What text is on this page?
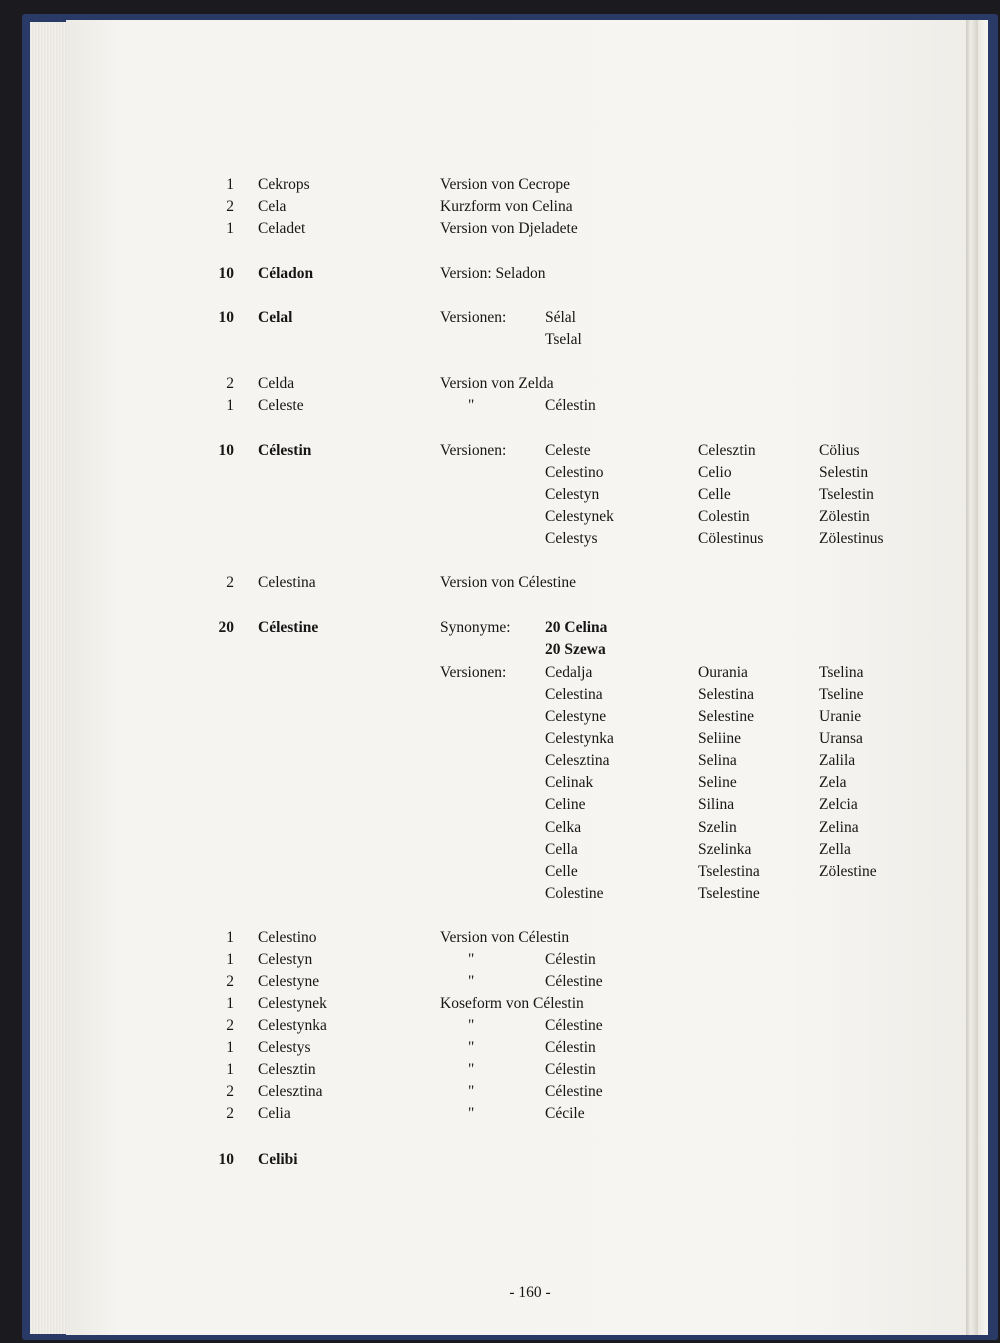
1 Cekrops	Version von Cecrope
2 Cela	Kurzform von Celina
1 Celadet	Version von Djeladete
10 Céladon	Version: Seladon
10 Celal	Versionen: Sélal
Tselal
2 Celda	Version von Zelda
1 Celeste	"	Célestin
10 Célestin	Versionen: Celeste	Celesztin	Cölius
Celestino	Celio	Selestin
Celestyn	Celle	Tselestin
Celestynek	Colestin	Zölestin
Celestys	Cölestinus	Zölestinus
2 Celestina	Version von Célestine
20 Célestine	Synonyme: 20 Celina
20 Szewa
Versionen: Cedalja	Ourania	Tselina
Celestina	Selestina	Tseline
Celestyne	Selestine	Uranie
Celestynka	Seliine	Uransa
Celesztina	Selina	Zalila
Celinak	Seline	Zela
Celine	Silina	Zelcia
Celka	Szelin	Zelina
Cella	Szelinka	Zella
Celle	Tselestina	Zölestine
Colestine	Tselestine
1 Celestino	Version von Célestin
1 Celestyn	"	Célestin
2 Celestyne	"	Célestine
1 Celestynek	Koseform von Célestin
2 Celestynka	"	Célestine
1 Celestys	"	Célestin
1 Celesztin	"	Célestin
2 Celesztina	"	Célestine
2 Celia	"	Cécile
10 Celibi
- 160 -
